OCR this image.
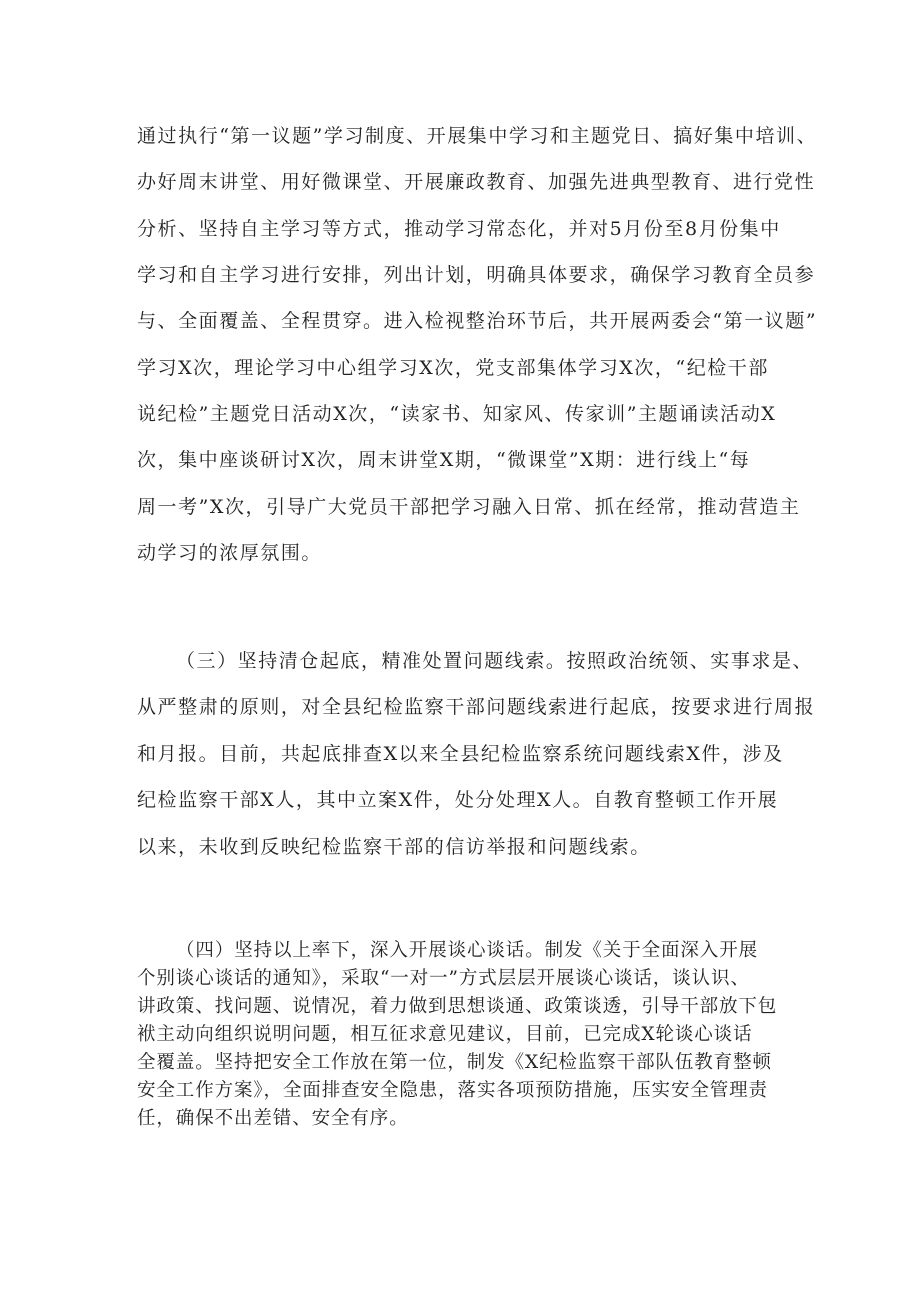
通过执行“第一议题”学习制度、开展集中学习和主题党日、搞好集中培训、
办好周末讲堂、用好微课堂、开展廉政教育、加强先进典型教育、进行党性
分析、坚持自主学习等方式，推动学习常态化，并对5月份至8月份集中
学习和自主学习进行安排，列出计划，明确具体要求，确保学习教育全员参
与、全面覆盖、全程贯穿。进入检视整治环节后，共开展两委会“第一议题”
学习X次，理论学习中心组学习X次，党支部集体学习X次，“纪检干部
说纪检”主题党日活动X次，“读家书、知家风、传家训”主题诵读活动X
次，集中座谈研讨X次，周末讲堂X期，“微课堂”X期：进行线上“每
周一考”X次，引导广大党员干部把学习融入日常、抓在经常，推动营造主
动学习的浓厚氛围。
（三）坚持清仓起底，精准处置问题线索。按照政治统领、实事求是、
从严整肃的原则，对全县纪检监察干部问题线索进行起底，按要求进行周报
和月报。目前，共起底排查X以来全县纪检监察系统问题线索X件，涉及
纪检监察干部X人，其中立案X件，处分处理X人。自教育整顿工作开展
以来，未收到反映纪检监察干部的信访举报和问题线索。
（四）坚持以上率下，深入开展谈心谈话。制发《关于全面深入开展
个别谈心谈话的通知》，采取“一对一”方式层层开展谈心谈话，谈认识、
讲政策、找问题、说情况，着力做到思想谈通、政策谈透，引导干部放下包
袱主动向组织说明问题，相互征求意见建议，目前，已完成X轮谈心谈话
全覆盖。坚持把安全工作放在第一位，制发《X纪检监察干部队伍教育整顿
安全工作方案》，全面排查安全隐患，落实各项预防措施，压实安全管理责
任，确保不出差错、安全有序。
